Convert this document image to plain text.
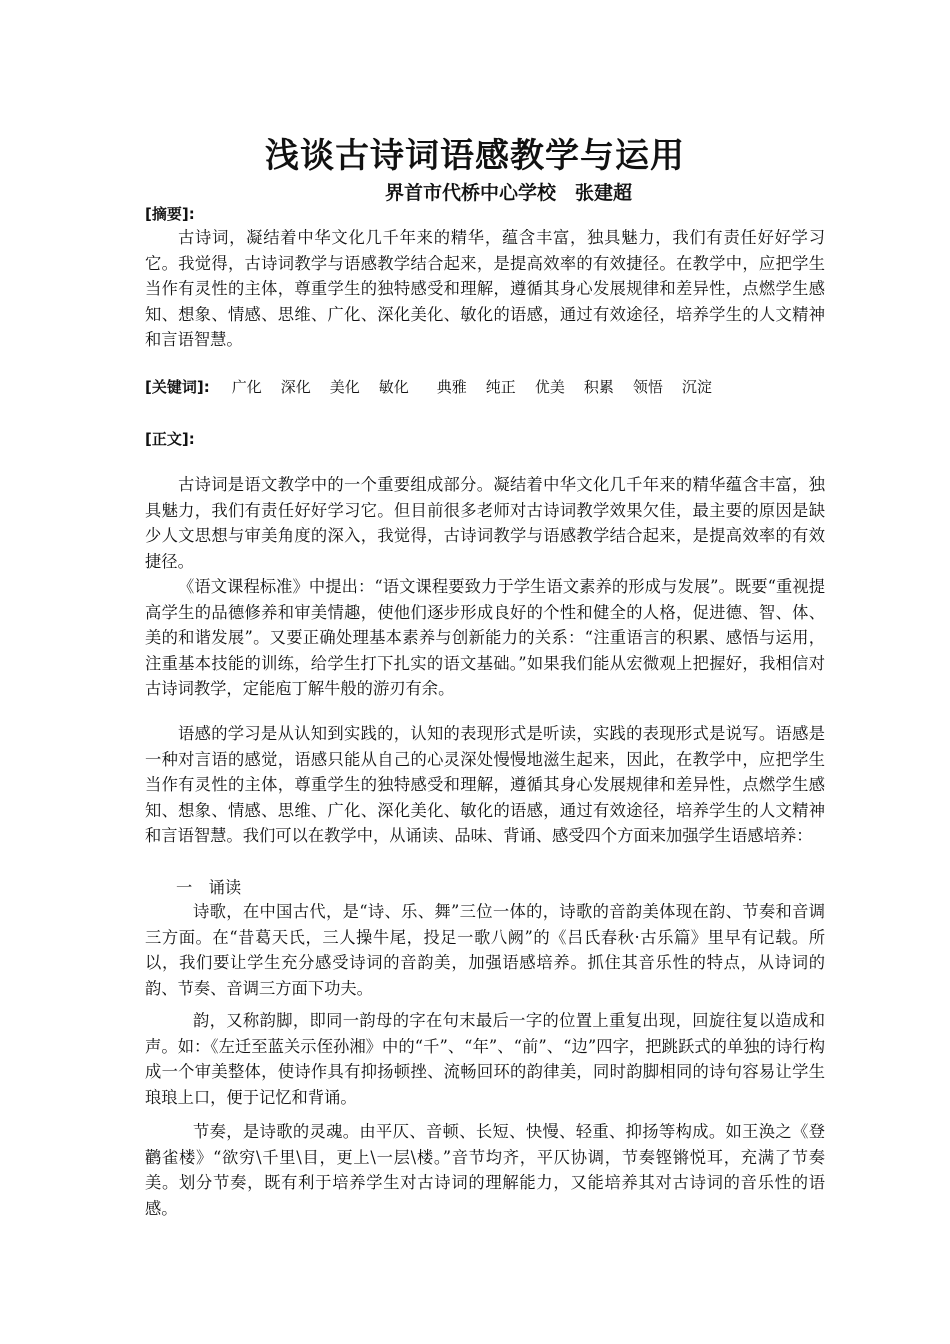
浅谈古诗词语感教学与运用
界首市代桥中心学校　张建超
[摘要]:

古诗词，凝结着中华文化几千年来的精华，蕴含丰富，独具魅力，我们有责任好好学习它。我觉得，古诗词教学与语感教学结合起来，是提高效率的有效捷径。在教学中，应把学生当作有灵性的主体，尊重学生的独特感受和理解，遵循其身心发展规律和差异性，点燃学生感知、想象、情感、思维、广化、深化美化、敏化的语感，通过有效途径，培养学生的人文精神和言语智慧。

[关键词]: 广化 深化 美化 敏化 典雅 纯正 优美 积累 领悟 沉淀
[正文]:

古诗词是语文教学中的一个重要组成部分。凝结着中华文化几千年来的精华蕴含丰富，独具魅力，我们有责任好好学习它。但目前很多老师对古诗词教学效果欠佳，最主要的原因是缺少人文思想与审美角度的深入，我觉得，古诗词教学与语感教学结合起来，是提高效率的有效捷径。

《语文课程标准》中提出：“语文课程要致力于学生语文素养的形成与发展”。既要“重视提高学生的品德修养和审美情趣，使他们逐步形成良好的个性和健全的人格，促进德、智、体、美的和谐发展”。又要正确处理基本素养与创新能力的关系：“注重语言的积累、感悟与运用，注重基本技能的训练，给学生打下扎实的语文基础。”如果我们能从宏微观上把握好，我相信对古诗词教学，定能庖丁解牛般的游刃有余。

语感的学习是从认知到实践的，认知的表现形式是听读，实践的表现形式是说写。语感是一种对言语的感觉，语感只能从自己的心灵深处慢慢地滋生起来，因此，在教学中，应把学生当作有灵性的主体，尊重学生的独特感受和理解，遵循其身心发展规律和差异性，点燃学生感知、想象、情感、思维、广化、深化美化、敏化的语感，通过有效途径，培养学生的人文精神和言语智慧。我们可以在教学中，从诵读、品味、背诵、感受四个方面来加强学生语感培养：

一　诵读

诗歌，在中国古代，是“诗、乐、舞”三位一体的，诗歌的音韵美体现在韵、节奏和音调三方面。在“昔葛天氏，三人操牛尾，投足一歌八阙”的《吕氏春秋·古乐篇》里早有记载。所以，我们要让学生充分感受诗词的音韵美，加强语感培养。抓住其音乐性的特点，从诗词的韵、节奏、音调三方面下功夫。

韵，又称韵脚，即同一韵母的字在句末最后一字的位置上重复出现，回旋往复以造成和声。如：《左迁至蓝关示侄孙湘》中的“千”、“年”、“前”、“边”四字，把跳跃式的单独的诗行构成一个审美整体，使诗作具有抑扬顿挫、流畅回环的韵律美，同时韵脚相同的诗句容易让学生琅琅上口，便于记忆和背诵。

节奏，是诗歌的灵魂。由平仄、音顿、长短、快慢、轻重、抑扬等构成。如王涣之《登鹳雀楼》“欲穷\千里\目，更上\一层\楼。”音节均齐，平仄协调，节奏铿锵悦耳，充满了节奏美。划分节奏，既有利于培养学生对古诗词的理解能力，又能培养其对古诗词的音乐性的语感。
